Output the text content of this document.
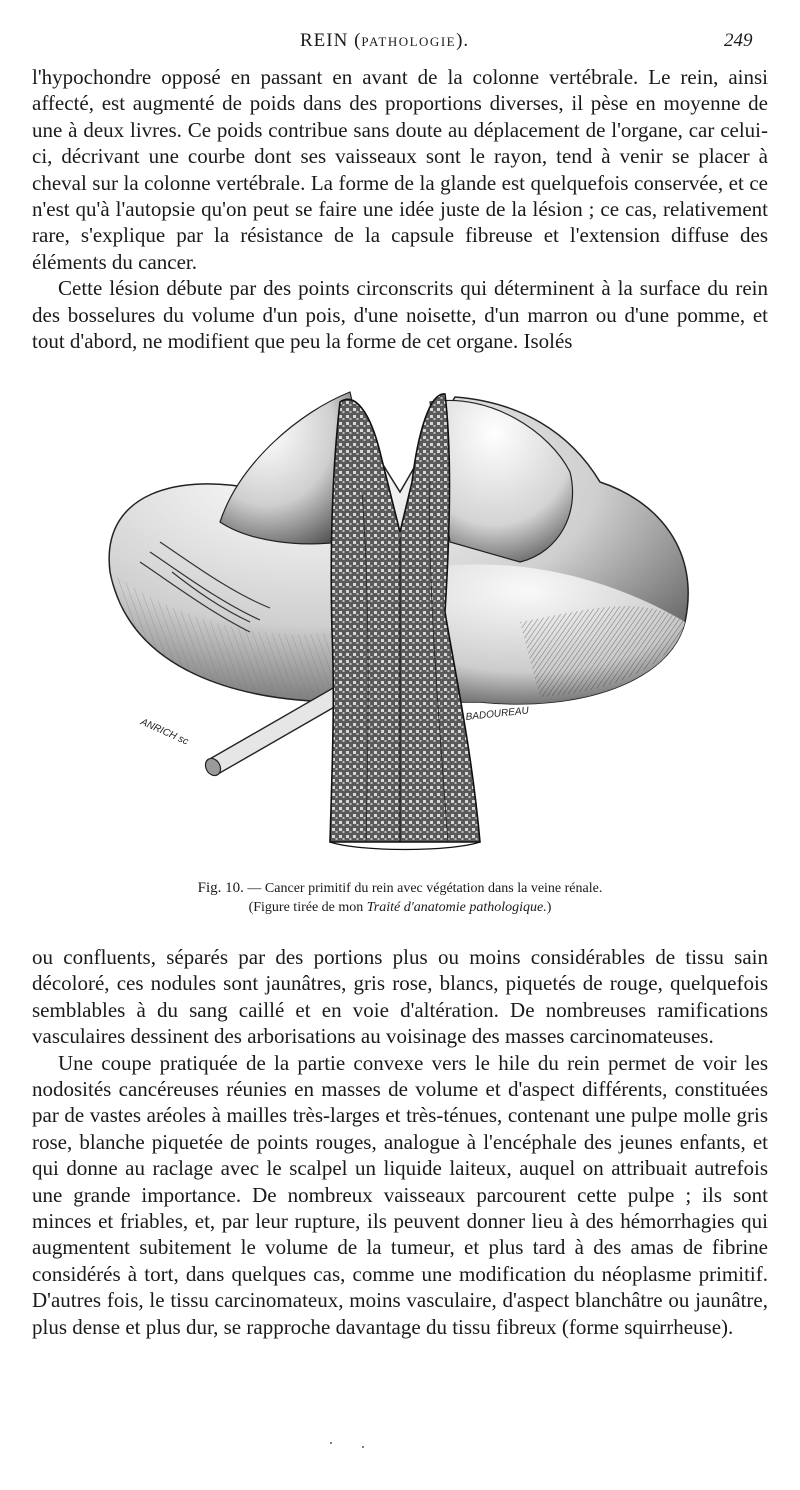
REIN (PATHOLOGIE).	249

l'hypochondre opposé en passant en avant de la colonne vertébrale. Le rein, ainsi affecté, est augmenté de poids dans des proportions diverses, il pèse en moyenne de une à deux livres. Ce poids contribue sans doute au déplacement de l'organe, car celui-ci, décrivant une courbe dont ses vaisseaux sont le rayon, tend à venir se placer à cheval sur la colonne vertébrale. La forme de la glande est quelquefois conservée, et ce n'est qu'à l'autopsie qu'on peut se faire une idée juste de la lésion ; ce cas, relativement rare, s'explique par la résistance de la capsule fibreuse et l'extension diffuse des éléments du cancer.

Cette lésion débute par des points circonscrits qui déterminent à la surface du rein des bosselures du volume d'un pois, d'une noisette, d'un marron ou d'une pomme, et tout d'abord, ne modifient que peu la forme de cet organe. Isolés

ANRICH sc
BADOUREAU
Fig. 10. — Cancer primitif du rein avec végétation dans la veine rénale.
(Figure tirée de mon Traité d'anatomie pathologique.)

ou confluents, séparés par des portions plus ou moins considérables de tissu sain décoloré, ces nodules sont jaunâtres, gris rose, blancs, piquetés de rouge, quelquefois semblables à du sang caillé et en voie d'altération. De nombreuses ramifications vasculaires dessinent des arborisations au voisinage des masses carcinomateuses.

Une coupe pratiquée de la partie convexe vers le hile du rein permet de voir les nodosités cancéreuses réunies en masses de volume et d'aspect différents, constituées par de vastes aréoles à mailles très-larges et très-ténues, contenant une pulpe molle gris rose, blanche piquetée de points rouges, analogue à l'encéphale des jeunes enfants, et qui donne au raclage avec le scalpel un liquide laiteux, auquel on attribuait autrefois une grande importance. De nombreux vaisseaux parcourent cette pulpe ; ils sont minces et friables, et, par leur rupture, ils peuvent donner lieu à des hémorrhagies qui augmentent subitement le volume de la tumeur, et plus tard à des amas de fibrine considérés à tort, dans quelques cas, comme une modification du néoplasme primitif. D'autres fois, le tissu carcinomateux, moins vasculaire, d'aspect blanchâtre ou jaunâtre, plus dense et plus dur, se rapproche davantage du tissu fibreux (forme squirrheuse).
